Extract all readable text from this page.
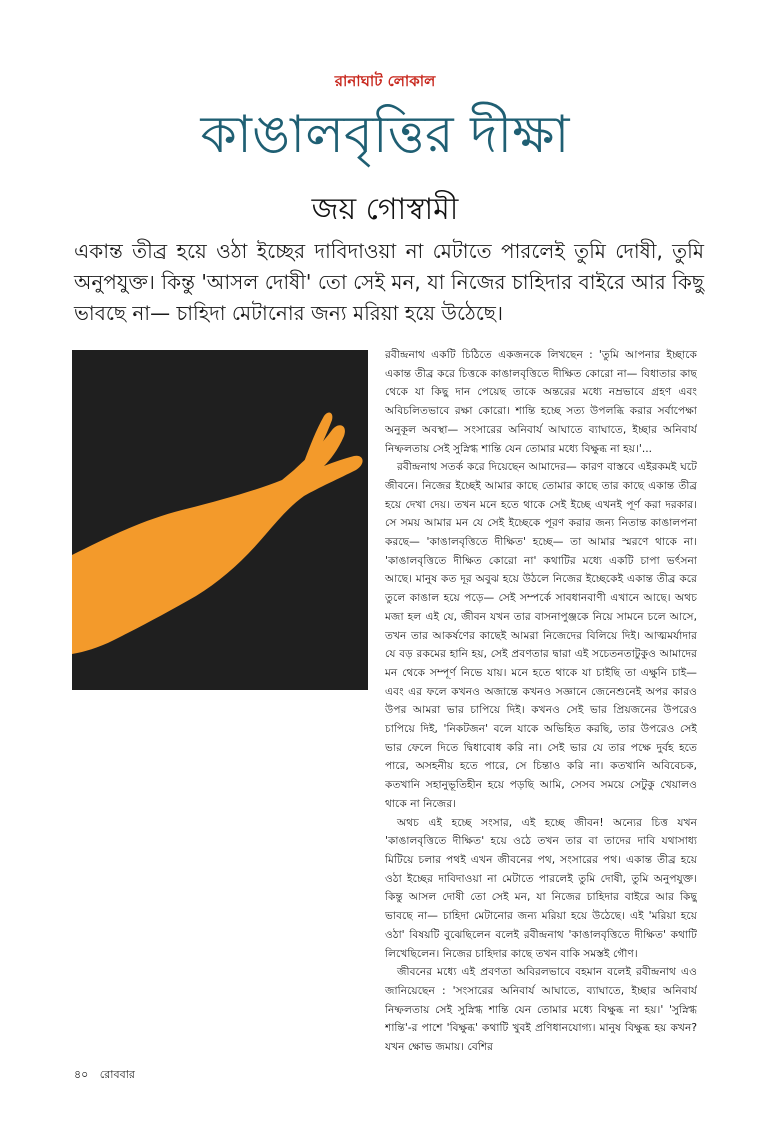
রানাঘাট লোকাল
কাঙালবৃত্তির দীক্ষা
জয় গোস্বামী
একান্ত তীব্র হয়ে ওঠা ইচ্ছের দাবিদাওয়া না মেটাতে পারলেই তুমি দোষী, তুমি অনুপযুক্ত। কিন্তু 'আসল দোষী' তো সেই মন, যা নিজের চাহিদার বাইরে আর কিছু ভাবছে না— চাহিদা মেটানোর জন্য মরিয়া হয়ে উঠেছে।

রবীন্দ্রনাথ একটি চিঠিতে একজনকে লিখছেন : 'তুমি আপনার ইচ্ছাকে একান্ত তীব্র করে চিত্তকে কাঙালবৃত্তিতে দীক্ষিত কোরো না— বিধাতার কাছ থেকে যা কিছু দান পেয়েছ তাকে অন্তরের মধ্যে নম্রভাবে গ্রহণ এবং অবিচলিতভাবে রক্ষা কোরো। শান্তি হচ্ছে সত্য উপলব্ধি করার সর্বাপেক্ষা অনুকূল অবস্থা— সংসারের অনিবার্য আঘাতে ব্যাঘাতে, ইচ্ছার অনিবার্য নিষ্ফলতায় সেই সুস্নিগ্ধ শান্তি যেন তোমার মধ্যে বিক্ষুব্ধ না হয়।'...

রবীন্দ্রনাথ সতর্ক করে দিয়েছেন আমাদের— কারণ বাস্তবে এইরকমই ঘটে জীবনে। নিজের ইচ্ছেই আমার কাছে তোমার কাছে তার কাছে একান্ত তীব্র হয়ে দেখা দেয়। তখন মনে হতে থাকে সেই ইচ্ছে এখনই পূর্ণ করা দরকার। সে সময় আমার মন যে সেই ইচ্ছেকে পূরণ করার জন্য নিতান্ত কাঙালপনা করছে— 'কাঙালবৃত্তিতে দীক্ষিত' হচ্ছে— তা আমার স্মরণে থাকে না। 'কাঙালবৃত্তিতে দীক্ষিত কোরো না' কথাটির মধ্যে একটি চাপা ভর্ৎসনা আছে। মানুষ কত দূর অবুঝ হয়ে উঠলে নিজের ইচ্ছেকেই একান্ত তীব্র করে তুলে কাঙাল হয়ে পড়ে— সেই সম্পর্কে সাবধানবাণী এখানে আছে। অথচ মজা হল এই যে, জীবন যখন তার বাসনাপুঞ্জকে নিয়ে সামনে চলে আসে, তখন তার আকর্ষণের কাছেই আমরা নিজেদের বিলিয়ে দিই। আত্মমর্যাদার যে বড় রকমের হানি হয়, সেই প্রবণতার দ্বারা এই সচেতনতাটুকুও আমাদের মন থেকে সম্পূর্ণ নিভে যায়। মনে হতে থাকে যা চাইছি তা এক্ষুনি চাই— এবং এর ফলে কখনও অজান্তে কখনও সজ্ঞানে জেনেশুনেই অপর কারও উপর আমরা ভার চাপিয়ে দিই। কখনও সেই ভার প্রিয়জনের উপরেও চাপিয়ে দিই, 'নিকটজন' বলে যাকে অভিহিত করছি, তার উপরেও সেই ভার ফেলে দিতে দ্বিধাবোধ করি না। সেই ভার যে তার পক্ষে দুর্বহ হতে পারে, অসহনীয় হতে পারে, সে চিন্তাও করি না। কতখানি অবিবেচক, কতখানি সহানুভূতিহীন হয়ে পড়ছি আমি, সেসব সময়ে সেটুকু খেয়ালও থাকে না নিজের।

অথচ এই হচ্ছে সংসার, এই হচ্ছে জীবন! অন্যের চিত্ত যখন 'কাঙালবৃত্তিতে দীক্ষিত' হয়ে ওঠে তখন তার বা তাদের দাবি যথাসাধ্য মিটিয়ে চলার পথই এখন জীবনের পথ, সংসারের পথ। একান্ত তীব্র হয়ে ওঠা ইচ্ছের দাবিদাওয়া না মেটাতে পারলেই তুমি দোষী, তুমি অনুপযুক্ত। কিন্তু আসল দোষী তো সেই মন, যা নিজের চাহিদার বাইরে আর কিছু ভাবছে না— চাহিদা মেটানোর জন্য মরিয়া হয়ে উঠেছে। এই 'মরিয়া হয়ে ওঠা' বিষয়টি বুঝেছিলেন বলেই রবীন্দ্রনাথ 'কাঙালবৃত্তিতে দীক্ষিত' কথাটি লিখেছিলেন। নিজের চাহিদার কাছে তখন বাকি সমস্তই গৌণ।

জীবনের মধ্যে এই প্রবণতা অবিরলভাবে বহমান বলেই রবীন্দ্রনাথ এও জানিয়েছেন : 'সংসারের অনিবার্য আঘাতে, ব্যাঘাতে, ইচ্ছার অনিবার্য নিষ্ফলতায় সেই সুস্নিগ্ধ শান্তি যেন তোমার মধ্যে বিক্ষুব্ধ না হয়।' 'সুস্নিগ্ধ শান্তি'-র পাশে 'বিক্ষুব্ধ' কথাটি খুবই প্রণিধানযোগ্য। মানুষ বিক্ষুব্ধ হয় কখন? যখন ক্ষোভ জমায়। বেশির

৪০ রোববার
